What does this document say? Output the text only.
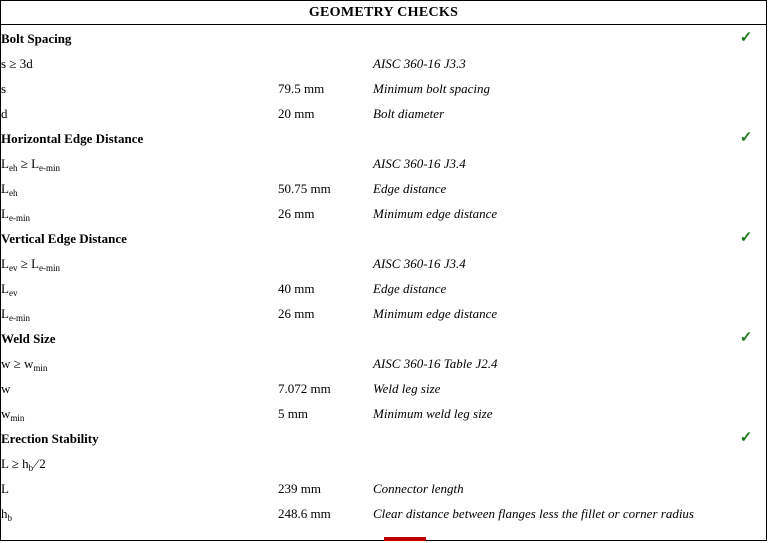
GEOMETRY CHECKS
Bolt Spacing			✓
s ≥ 3d		AISC 360-16 J3.3	
s	79.5 mm	Minimum bolt spacing	
d	20 mm	Bolt diameter	
Horizontal Edge Distance			✓
$L_{eh} \ge L_{e-min}$		AISC 360-16 J3.4	
$L_{eh}$	50.75 mm	Edge distance	
$L_{e-min}$	26 mm	Minimum edge distance	
Vertical Edge Distance			✓
$L_{ev} \ge L_{e-min}$		AISC 360-16 J3.4	
$L_{ev}$	40 mm	Edge distance	
$L_{e-min}$	26 mm	Minimum edge distance	
Weld Size			✓
$w \ge w_{min}$		AISC 360-16 Table J2.4	
w	7.072 mm	Weld leg size	
$w_{min}$	5 mm	Minimum weld leg size	
Erection Stability			✓
$L \ge h_b$ ∕ 2			
L	239 mm	Connector length	
$h_b$	248.6 mm	Clear distance between flanges less the fillet or corner radius	
